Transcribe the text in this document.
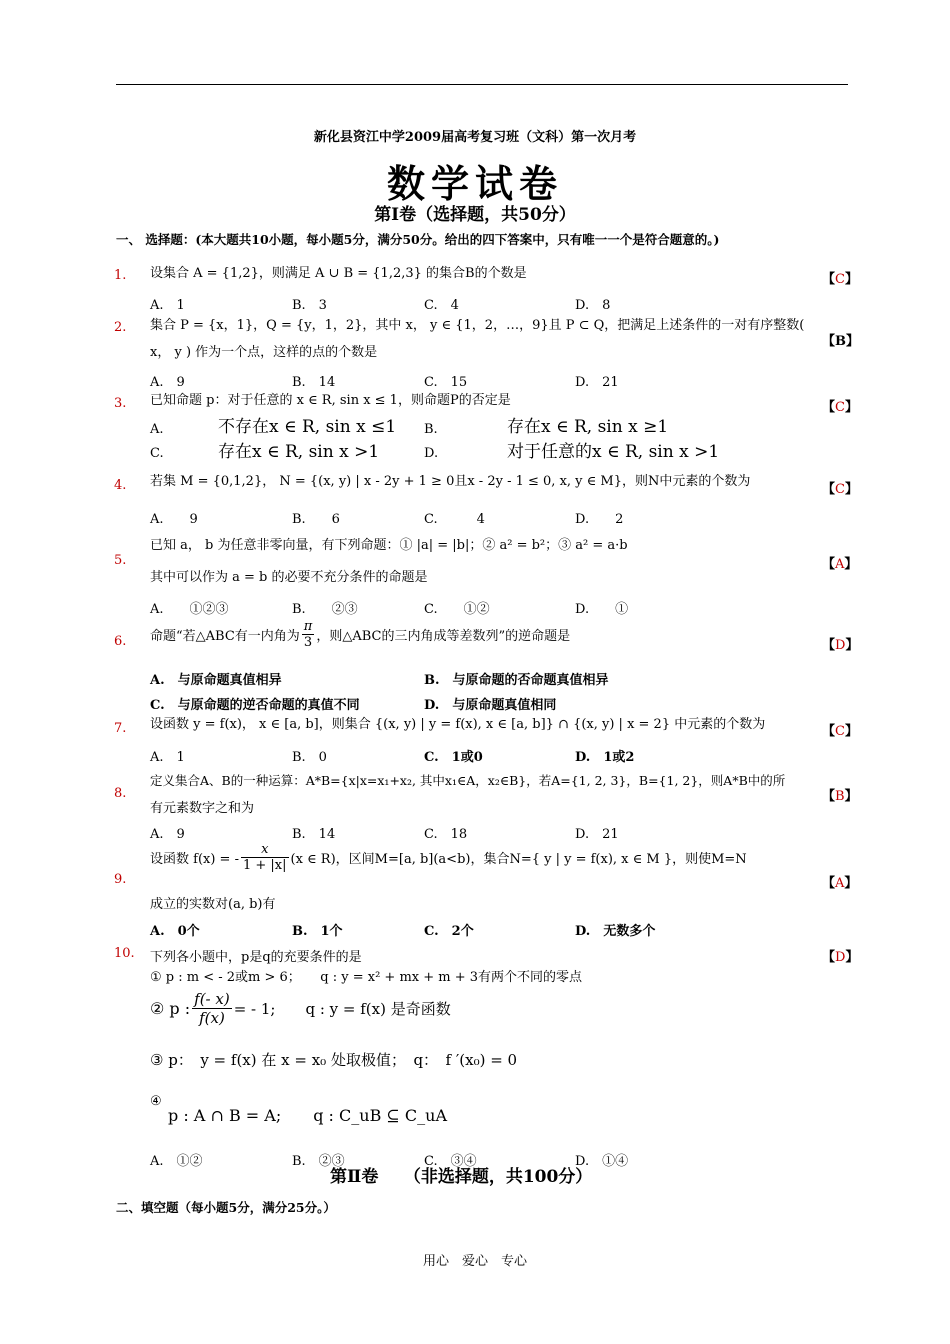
新化县资江中学2009届高考复习班（文科）第一次月考
数学试卷
第Ⅰ卷（选择题，共50分）
一、 选择题：(本大题共10小题，每小题5分，满分50分。给出的四下答案中，只有唯一一个是符合题意的。)
1. 设集合 A = {1,2}，则满足 A ∪ B = {1,2,3} 的集合B的个数是	【C】
A.　1	B.　3	C.　4	D.　8
2. 集合 P = {x，1}，Q = {y，1，2}，其中 x， y ∈ {1，2，…，9}且 P ⊂ Q，把满足上述条件的一对有序整数(
x， y ) 作为一个点，这样的点的个数是
【B】
A.　9	B.　14	C.　15	D.　21
3. 已知命题 p：对于任意的 x ∈ R, sin x ≤ 1，则命题P的否定是	【C】
A.	不存在x ∈ R, sin x ≤1 B.	存在x ∈ R, sin x ≥1
C.	存在x ∈ R, sin x >1	D.	对于任意的x ∈ R, sin x >1
4. 若集 M = {0,1,2}， N = {(x, y) | x - 2y + 1 ≥ 0且x - 2y - 1 ≤ 0, x, y ∈ M}，则N中元素的个数为
【C】
A.　　9	B.　　6	C.　　　4	D.　　2
5.
已知 a， b 为任意非零向量，有下列命题：① |a| = |b|；② a² = b²；③ a² = a·b
其中可以作为 a = b 的必要不充分条件的命题是
【A】
A.　　①②③	B.　　②③	C.　　①②	D.　　①
6. 命题“若△ABC有一内角为 $\frac{\pi}{3}$ ，则△ABC的三内角成等差数列”的逆命题是
【D】
A.　与原命题真值相异	B.　与原命题的否命题真值相异
C.　与原命题的逆否命题的真值不同	D.　与原命题真值相同
7. 设函数 y = f(x)， x ∈ [a, b]，则集合 {(x, y) | y = f(x), x ∈ [a, b]} ∩ {(x, y) | x = 2} 中元素的个数为	【C】
A.　1	B.　0	C.　1或0	D.　1或2
8.
定义集合A、B的一种运算：A*B={x|x=x₁+x₂, 其中x₁∈A，x₂∈B}，若A={1, 2, 3}，B={1, 2}，则A*B中的所
有元素数字之和为
【B】
A.　9	B.　14	C.　18	D.　21
9.
设函数 f(x) = - $\frac{x}{1 + |x|} (x$ ∈ R)，区间M=[a, b](a<b)，集合N={ y | y = f(x), x ∈ M }，则使M=N
成立的实数对(a, b)有
【A】
A.　0个	B.　1个	C.　2个	D.　无数多个
10. 下列各小题中，p是q的充要条件的是	【D】
① p : m < - 2或m > 6；　　q : y = x² + mx + m + 3有两个不同的零点
② p : $\frac{f(- x)}{f(x)}$ = - 1;　　q : y = f(x) 是奇函数
③ p：　y = f(x) 在 x = x₀ 处取极值；　q：　f ′(x₀) = 0
④
p : A ∩ B = A;　　q : C_uB ⊆ C_uA
A.　①②	B.　②③	C.　③④	D.　①④
第Ⅱ卷　　（非选择题，共100分）
二、填空题（每小题5分，满分25分。）
用心　爱心　专心
